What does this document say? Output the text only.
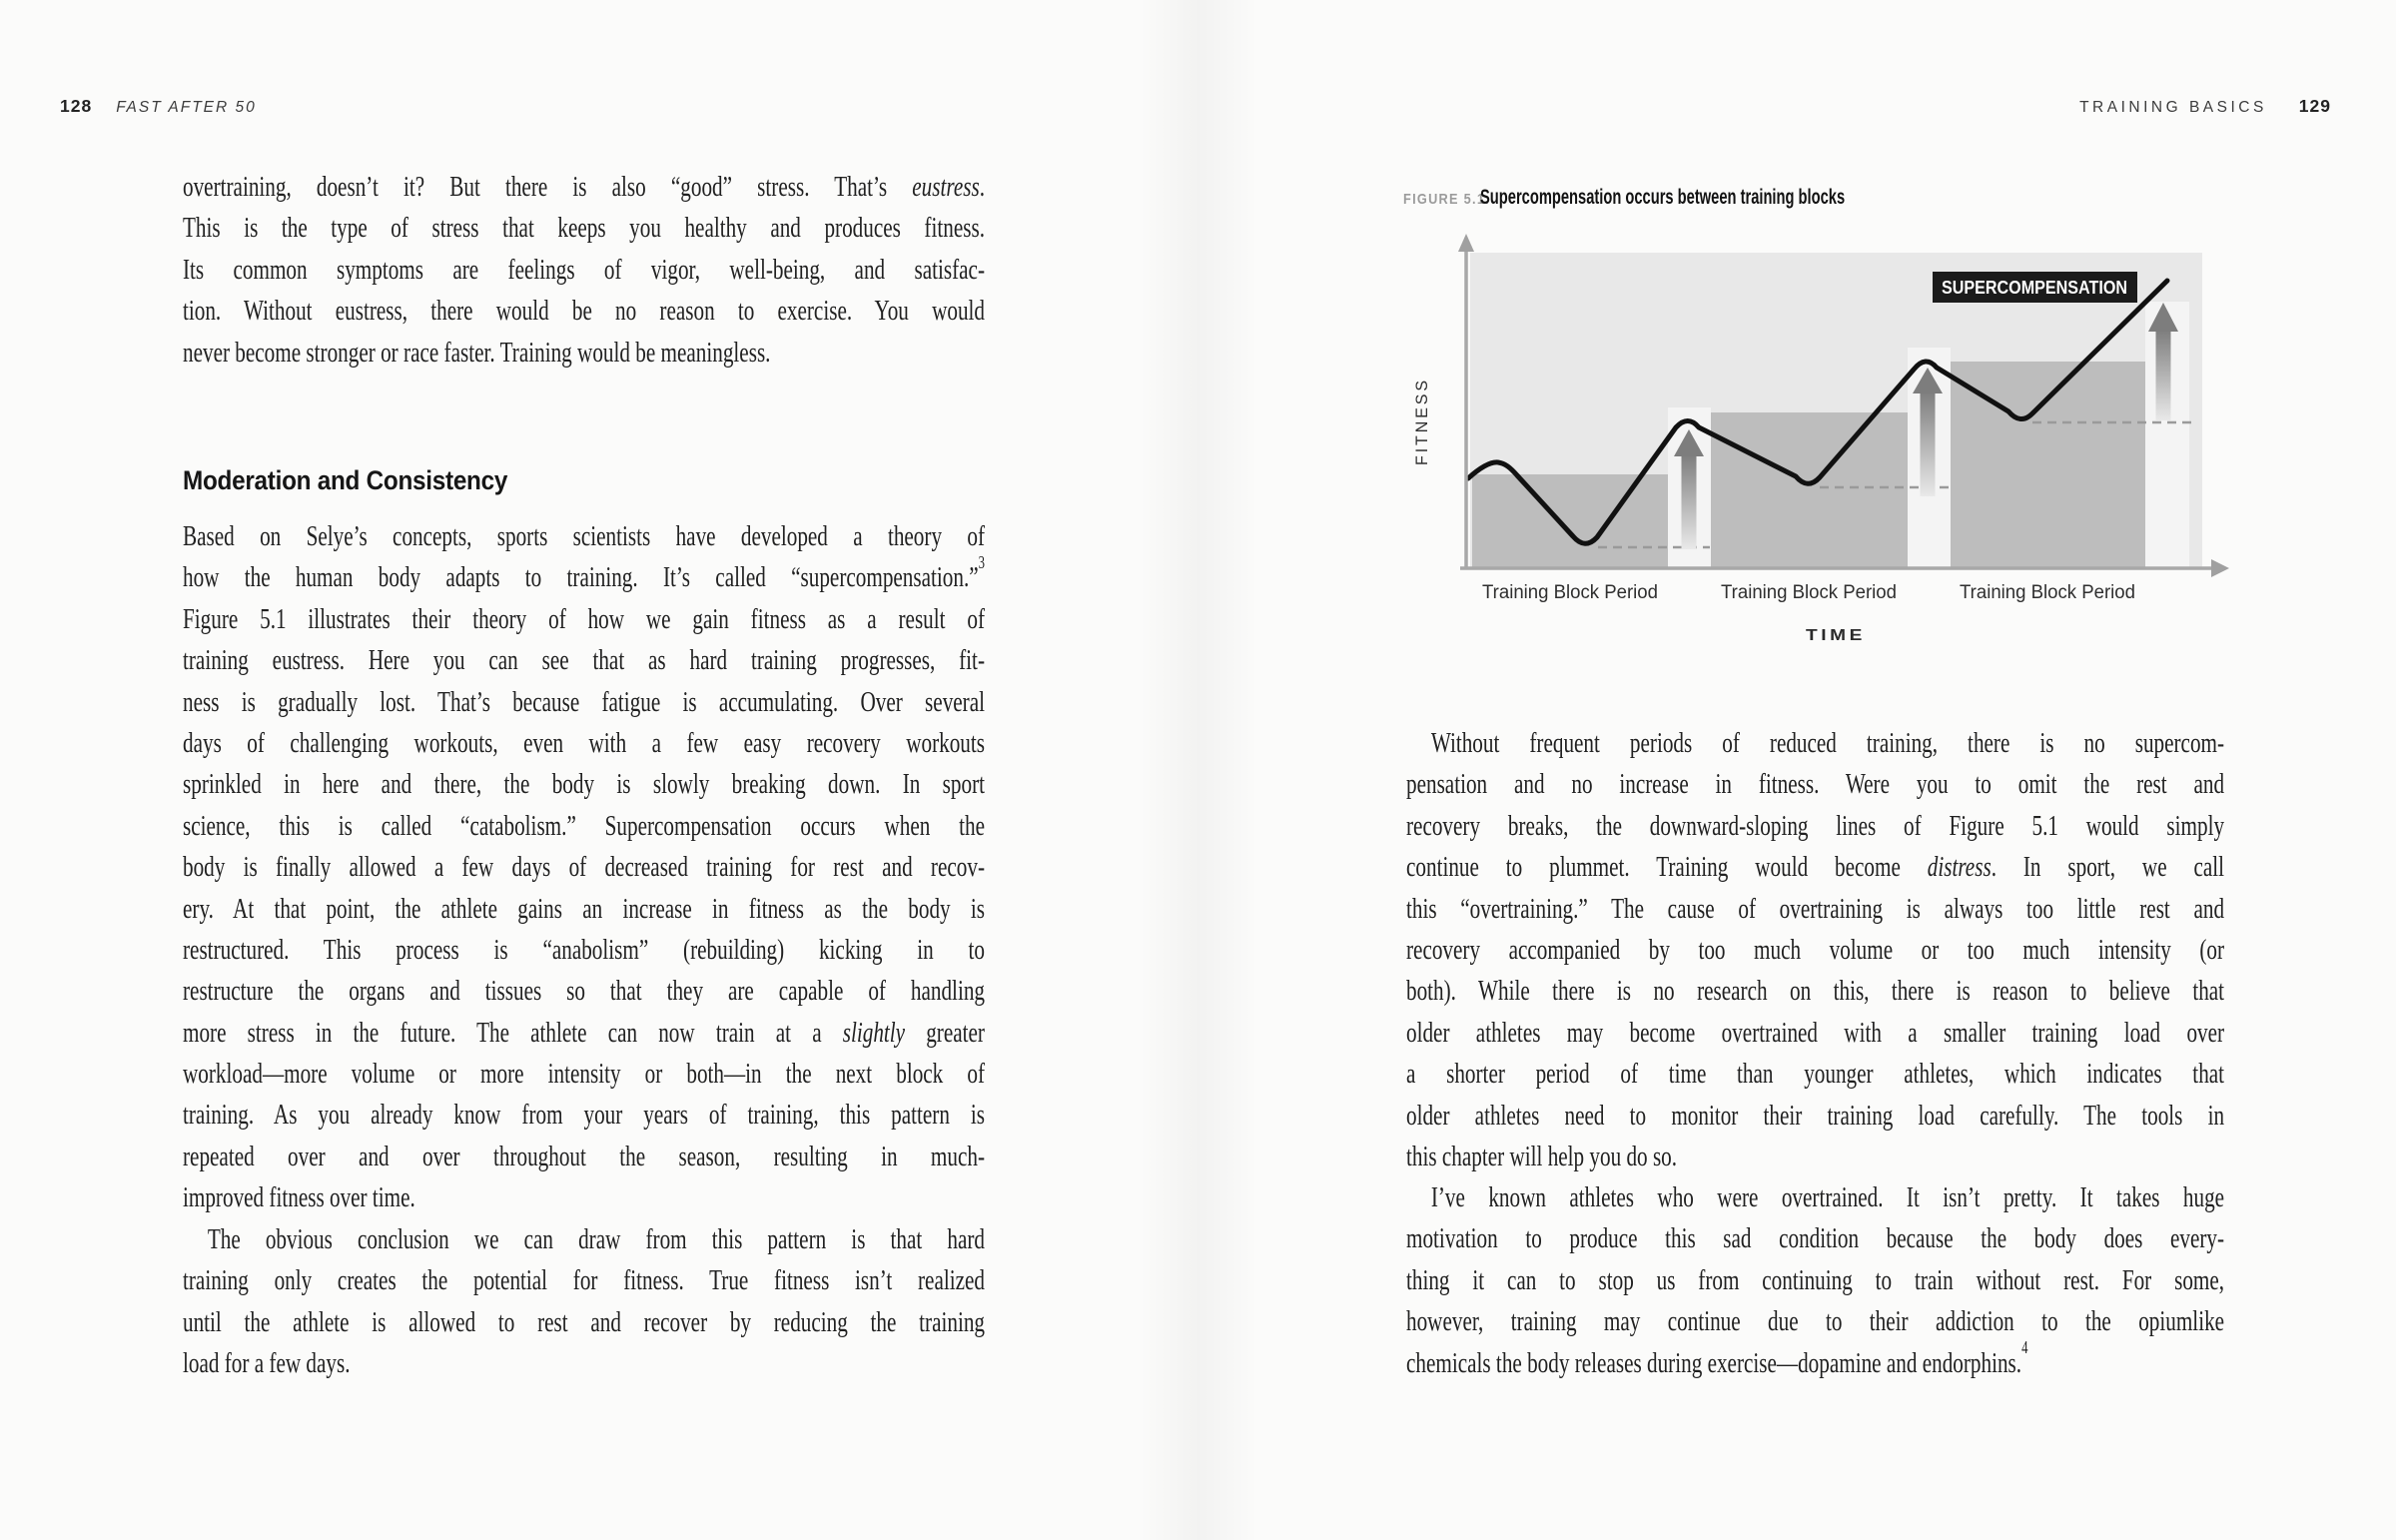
128 FAST AFTER 50
overtraining, doesn’t it? But there is also “good” stress. That’s eustress.
This is the type of stress that keeps you healthy and produces fitness.
Its common symptoms are feelings of vigor, well-being, and satisfac-
tion. Without eustress, there would be no reason to exercise. You would
never become stronger or race faster. Training would be meaningless.
Moderation and Consistency
Based on Selye’s concepts, sports scientists have developed a theory of
how the human body adapts to training. It’s called “supercompensation.”$^3$
Figure 5.1 illustrates their theory of how we gain fitness as a result of
training eustress. Here you can see that as hard training progresses, fit-
ness is gradually lost. That’s because fatigue is accumulating. Over several
days of challenging workouts, even with a few easy recovery workouts
sprinkled in here and there, the body is slowly breaking down. In sport
science, this is called “catabolism.” Supercompensation occurs when the
body is finally allowed a few days of decreased training for rest and recov-
ery. At that point, the athlete gains an increase in fitness as the body is
restructured. This process is “anabolism” (rebuilding) kicking in to
restructure the organs and tissues so that they are capable of handling
more stress in the future. The athlete can now train at a slightly greater
workload—more volume or more intensity or both—in the next block of
training. As you already know from your years of training, this pattern is
repeated over and over throughout the season, resulting in much-
improved fitness over time.
The obvious conclusion we can draw from this pattern is that hard
training only creates the potential for fitness. True fitness isn’t realized
until the athlete is allowed to rest and recover by reducing the training
load for a few days.
TRAINING BASICS 129
FIGURE 5.1.
Supercompensation occurs between training blocks
SUPERCOMPENSATION
FITNESS
Training Block Period	Training Block Period	Training Block Period
TIME
Without frequent periods of reduced training, there is no supercom-
pensation and no increase in fitness. Were you to omit the rest and
recovery breaks, the downward-sloping lines of Figure 5.1 would simply
continue to plummet. Training would become distress. In sport, we call
this “overtraining.” The cause of overtraining is always too little rest and
recovery accompanied by too much volume or too much intensity (or
both). While there is no research on this, there is reason to believe that
older athletes may become overtrained with a smaller training load over
a shorter period of time than younger athletes, which indicates that
older athletes need to monitor their training load carefully. The tools in
this chapter will help you do so.
I’ve known athletes who were overtrained. It isn’t pretty. It takes huge
motivation to produce this sad condition because the body does every-
thing it can to stop us from continuing to train without rest. For some,
however, training may continue due to their addiction to the opiumlike
chemicals the body releases during exercise—dopamine and endorphins.$^4$
